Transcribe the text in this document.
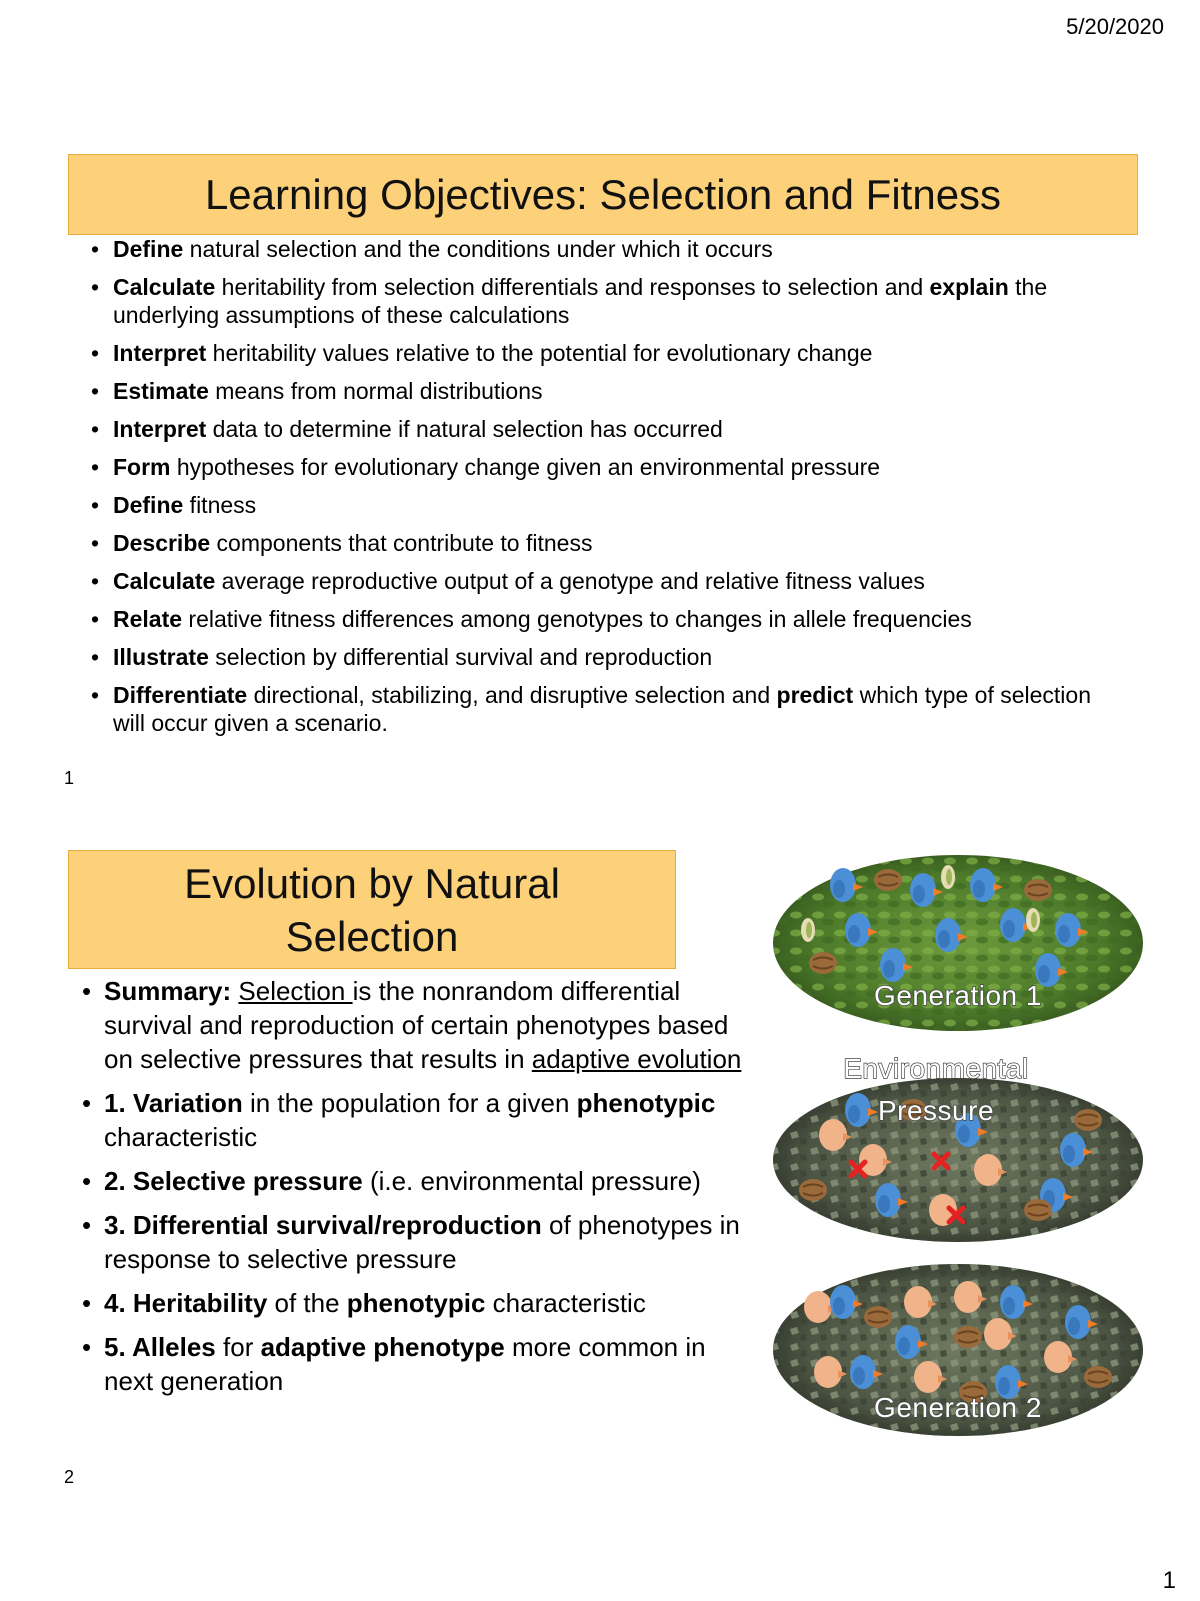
5/20/2020
Learning Objectives: Selection and Fitness
• Define natural selection and the conditions under which it occurs
• Calculate heritability from selection differentials and responses to selection and explain the underlying assumptions of these calculations
• Interpret heritability values relative to the potential for evolutionary change
• Estimate means from normal distributions
• Interpret data to determine if natural selection has occurred
• Form hypotheses for evolutionary change given an environmental pressure
• Define fitness
• Describe components that contribute to fitness
• Calculate average reproductive output of a genotype and relative fitness values
• Relate relative fitness differences among genotypes to changes in allele frequencies
• Illustrate selection by differential survival and reproduction
• Differentiate directional, stabilizing, and disruptive selection and predict which type of selection will occur given a scenario.
1
Evolution by Natural
Selection
• Summary: Selection is the nonrandom differential survival and reproduction of certain phenotypes based on selective pressures that results in adaptive evolution
• 1. Variation in the population for a given phenotypic characteristic
• 2. Selective pressure (i.e. environmental pressure)
• 3. Differential survival/reproduction of phenotypes in response to selective pressure
• 4. Heritability of the phenotypic characteristic
• 5. Alleles for adaptive phenotype more common in next generation
Generation 1
Environmental
Pressure
Generation 2
2
1
